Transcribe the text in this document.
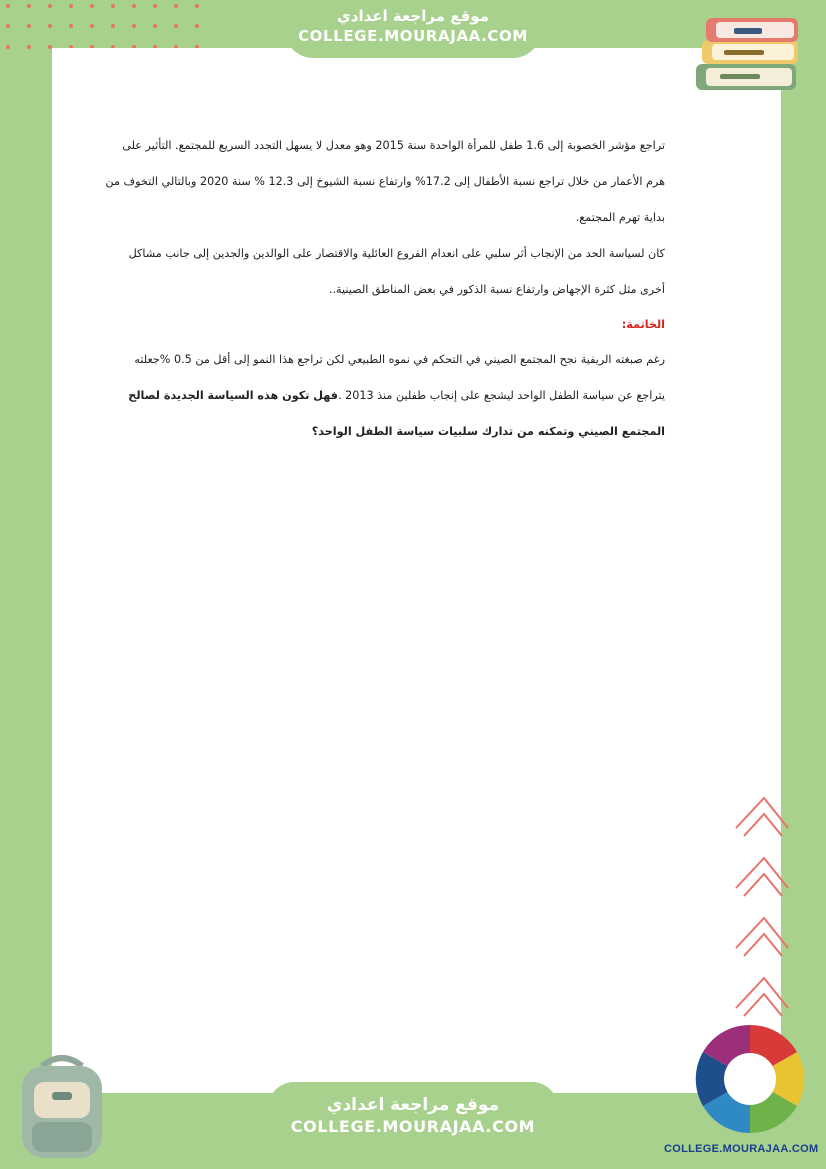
موقع مراجعة اعدادي
COLLEGE.MOURAJAA.COM

تراجع مؤشر الخصوبة إلى 1.6 طفل للمرأة الواحدة سنة 2015 وهو معدل لا يسهل التجدد السريع للمجتمع. التأثير على
هرم الأعمار من خلال تراجع نسبة الأطفال إلى 17.2% وارتفاع نسبة الشيوخ إلى 12.3 % سنة 2020 وبالتالي التخوف من
بداية تهرم المجتمع.

كان لسياسة الحد من الإنجاب أثر سلبي على انعدام الفروع العائلية والاقتصار على الوالدين والجدين إلى جانب مشاكل
أخرى مثل كثرة الإجهاض وارتفاع نسبة الذكور في بعض المناطق الصينية..

الخاتمة:

رغم صبغته الريفية نجح المجتمع الصيني في التحكم في نموه الطبيعي لكن تراجع هذا النمو إلى أقل من 0.5 %جعلته
يتراجع عن سياسة الطفل الواحد ليشجع على إنجاب طفلين منذ 2013 .فهل تكون هذه السياسة الجديدة لصالح
المجتمع الصيني وتمكنه من تدارك سلبيات سياسة الطفل الواحد؟

موقع مراجعة اعدادي
COLLEGE.MOURAJAA.COM
COLLEGE.MOURAJAA.COM
